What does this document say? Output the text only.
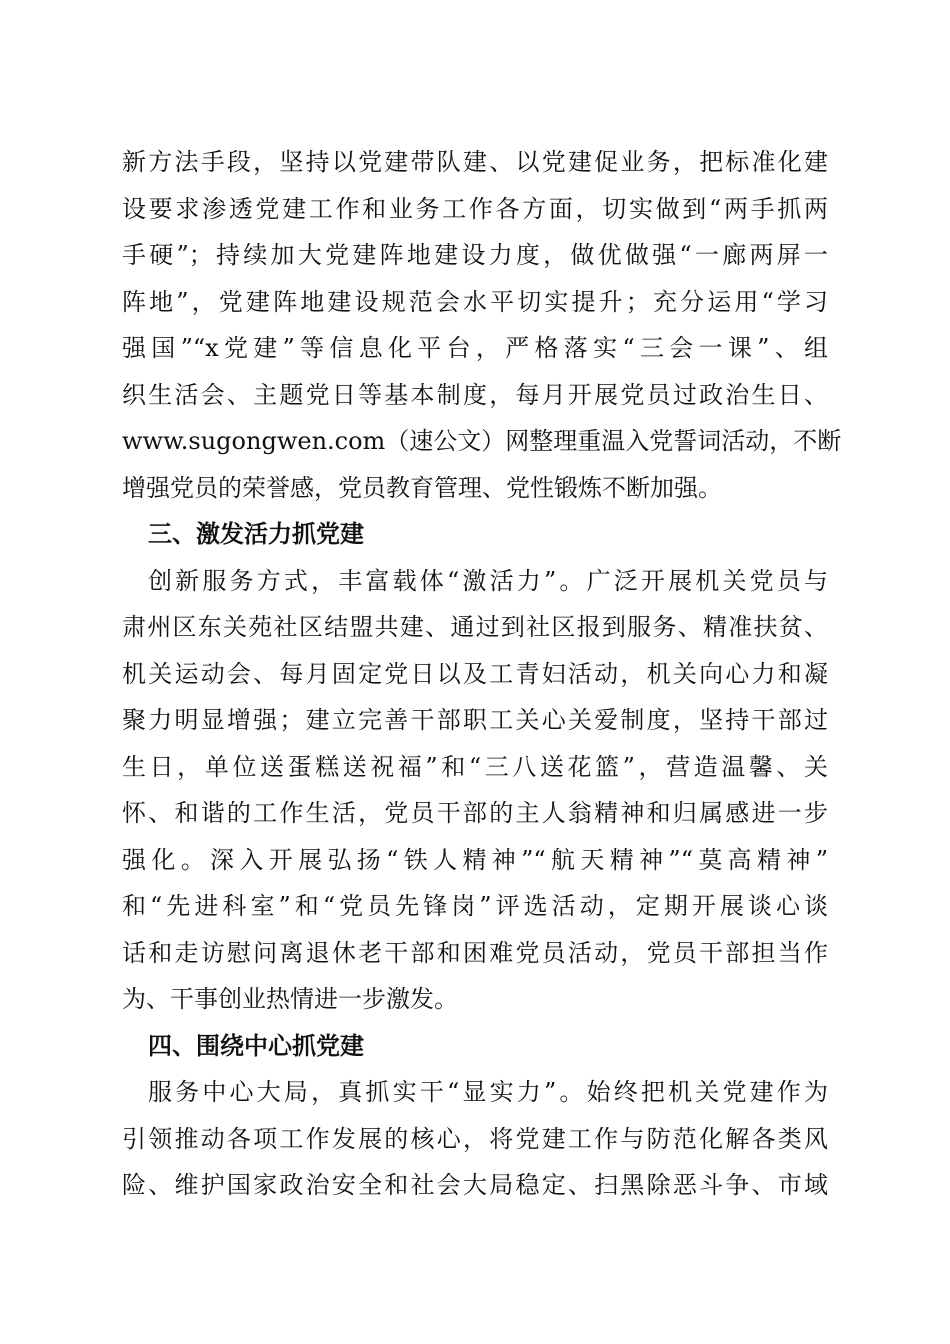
新方法手段，坚持以党建带队建、以党建促业务，把标准化建
设要求渗透党建工作和业务工作各方面，切实做到“两手抓两
手硬”；持续加大党建阵地建设力度，做优做强“一廊两屏一
阵地”，党建阵地建设规范会水平切实提升；充分运用“学习
强国”“x党建”等信息化平台，严格落实“三会一课”、组
织生活会、主题党日等基本制度，每月开展党员过政治生日、
www.sugongwen.com（速公文）网整理重温入党誓词活动，不断
增强党员的荣誉感，党员教育管理、党性锻炼不断加强。
三、激发活力抓党建
创新服务方式，丰富载体“激活力”。广泛开展机关党员与
肃州区东关苑社区结盟共建、通过到社区报到服务、精准扶贫、
机关运动会、每月固定党日以及工青妇活动，机关向心力和凝
聚力明显增强；建立完善干部职工关心关爱制度，坚持干部过
生日，单位送蛋糕送祝福”和“三八送花篮”，营造温馨、关
怀、和谐的工作生活，党员干部的主人翁精神和归属感进一步
强化。深入开展弘扬“铁人精神”“航天精神”“莫高精神”
和“先进科室”和“党员先锋岗”评选活动，定期开展谈心谈
话和走访慰问离退休老干部和困难党员活动，党员干部担当作
为、干事创业热情进一步激发。
四、围绕中心抓党建
服务中心大局，真抓实干“显实力”。始终把机关党建作为
引领推动各项工作发展的核心，将党建工作与防范化解各类风
险、维护国家政治安全和社会大局稳定、扫黑除恶斗争、市域
